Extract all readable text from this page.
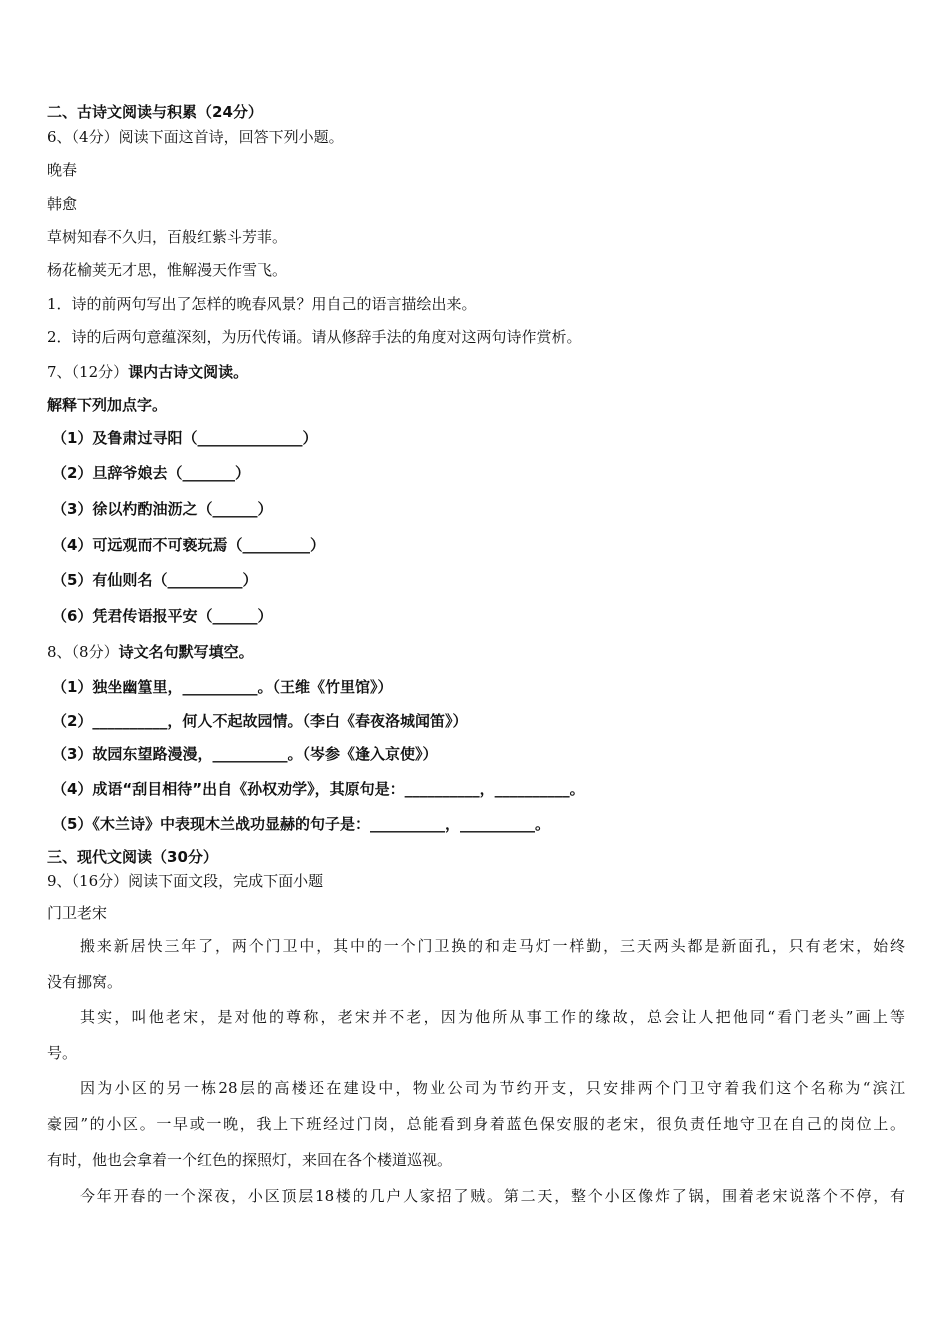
二、古诗文阅读与积累（24分）
6、（4分）阅读下面这首诗，回答下列小题。
晚春
韩愈
草树知春不久归，百般红紫斗芳菲。
杨花榆荚无才思，惟解漫天作雪飞。
1．诗的前两句写出了怎样的晚春风景？用自己的语言描绘出来。
2．诗的后两句意蕴深刻，为历代传诵。请从修辞手法的角度对这两句诗作赏析。
7、（12分）课内古诗文阅读。
解释下列加点字。
（1）及鲁肃过寻阳（______________）
（2）旦辞爷娘去（_______）
（3）徐以杓酌油沥之（______）
（4）可远观而不可亵玩焉（_________）
（5）有仙则名（__________）
（6）凭君传语报平安（______）
8、（8分）诗文名句默写填空。
（1）独坐幽篁里，__________。（王维《竹里馆》）
（2）__________，何人不起故园情。（李白《春夜洛城闻笛》）
（3）故园东望路漫漫，__________。（岑参《逢入京使》）
（4）成语“刮目相待”出自《孙权劝学》，其原句是：__________，__________。
（5）《木兰诗》中表现木兰战功显赫的句子是：__________，__________。
三、现代文阅读（30分）
9、（16分）阅读下面文段，完成下面小题
门卫老宋
搬来新居快三年了，两个门卫中，其中的一个门卫换的和走马灯一样勤，三天两头都是新面孔，只有老宋，始终
没有挪窝。
其实，叫他老宋，是对他的尊称，老宋并不老，因为他所从事工作的缘故，总会让人把他同“看门老头”画上等
号。
因为小区的另一栋28层的高楼还在建设中，物业公司为节约开支，只安排两个门卫守着我们这个名称为“滨江
豪园”的小区。一早或一晚，我上下班经过门岗，总能看到身着蓝色保安服的老宋，很负责任地守卫在自己的岗位上。
有时，他也会拿着一个红色的探照灯，来回在各个楼道巡视。
今年开春的一个深夜，小区顶层18楼的几户人家招了贼。第二天，整个小区像炸了锅，围着老宋说落个不停，有
